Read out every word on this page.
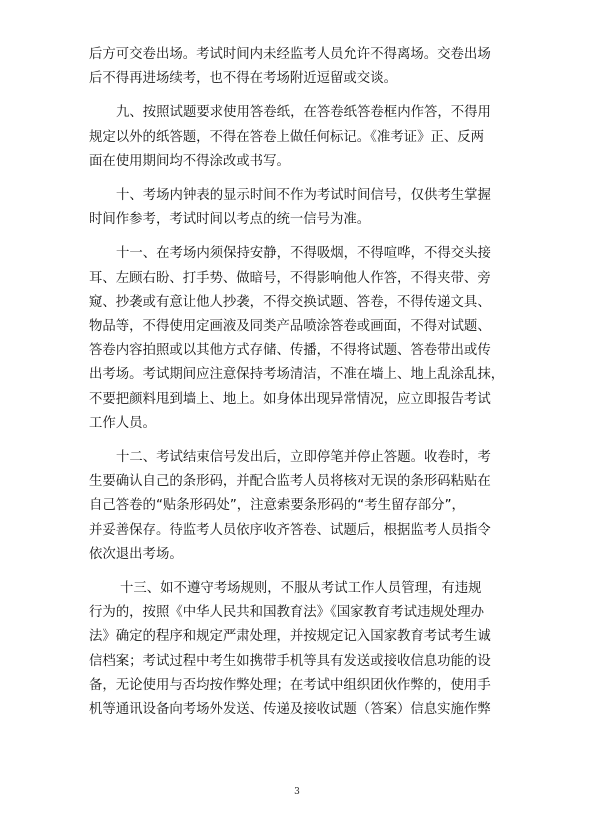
后方可交卷出场。考试时间内未经监考人员允许不得离场。交卷出场
后不得再进场续考，也不得在考场附近逗留或交谈。
九、按照试题要求使用答卷纸，在答卷纸答卷框内作答，不得用
规定以外的纸答题，不得在答卷上做任何标记。《准考证》正、反两
面在使用期间均不得涂改或书写。
十、考场内钟表的显示时间不作为考试时间信号，仅供考生掌握
时间作参考，考试时间以考点的统一信号为准。
十一、在考场内须保持安静，不得吸烟，不得喧哗，不得交头接
耳、左顾右盼、打手势、做暗号，不得影响他人作答，不得夹带、旁
窥、抄袭或有意让他人抄袭，不得交换试题、答卷，不得传递文具、
物品等，不得使用定画液及同类产品喷涂答卷或画面，不得对试题、
答卷内容拍照或以其他方式存储、传播，不得将试题、答卷带出或传
出考场。考试期间应注意保持考场清洁，不准在墙上、地上乱涂乱抹，
不要把颜料甩到墙上、地上。如身体出现异常情况，应立即报告考试
工作人员。
十二、考试结束信号发出后，立即停笔并停止答题。收卷时，考
生要确认自己的条形码，并配合监考人员将核对无误的条形码粘贴在
自己答卷的“贴条形码处”，注意索要条形码的“考生留存部分”，
并妥善保存。待监考人员依序收齐答卷、试题后，根据监考人员指令
依次退出考场。
十三、如不遵守考场规则，不服从考试工作人员管理，有违规
行为的，按照《中华人民共和国教育法》《国家教育考试违规处理办
法》确定的程序和规定严肃处理，并按规定记入国家教育考试考生诚
信档案；考试过程中考生如携带手机等具有发送或接收信息功能的设
备，无论使用与否均按作弊处理；在考试中组织团伙作弊的，使用手
机等通讯设备向考场外发送、传递及接收试题（答案）信息实施作弊
3
